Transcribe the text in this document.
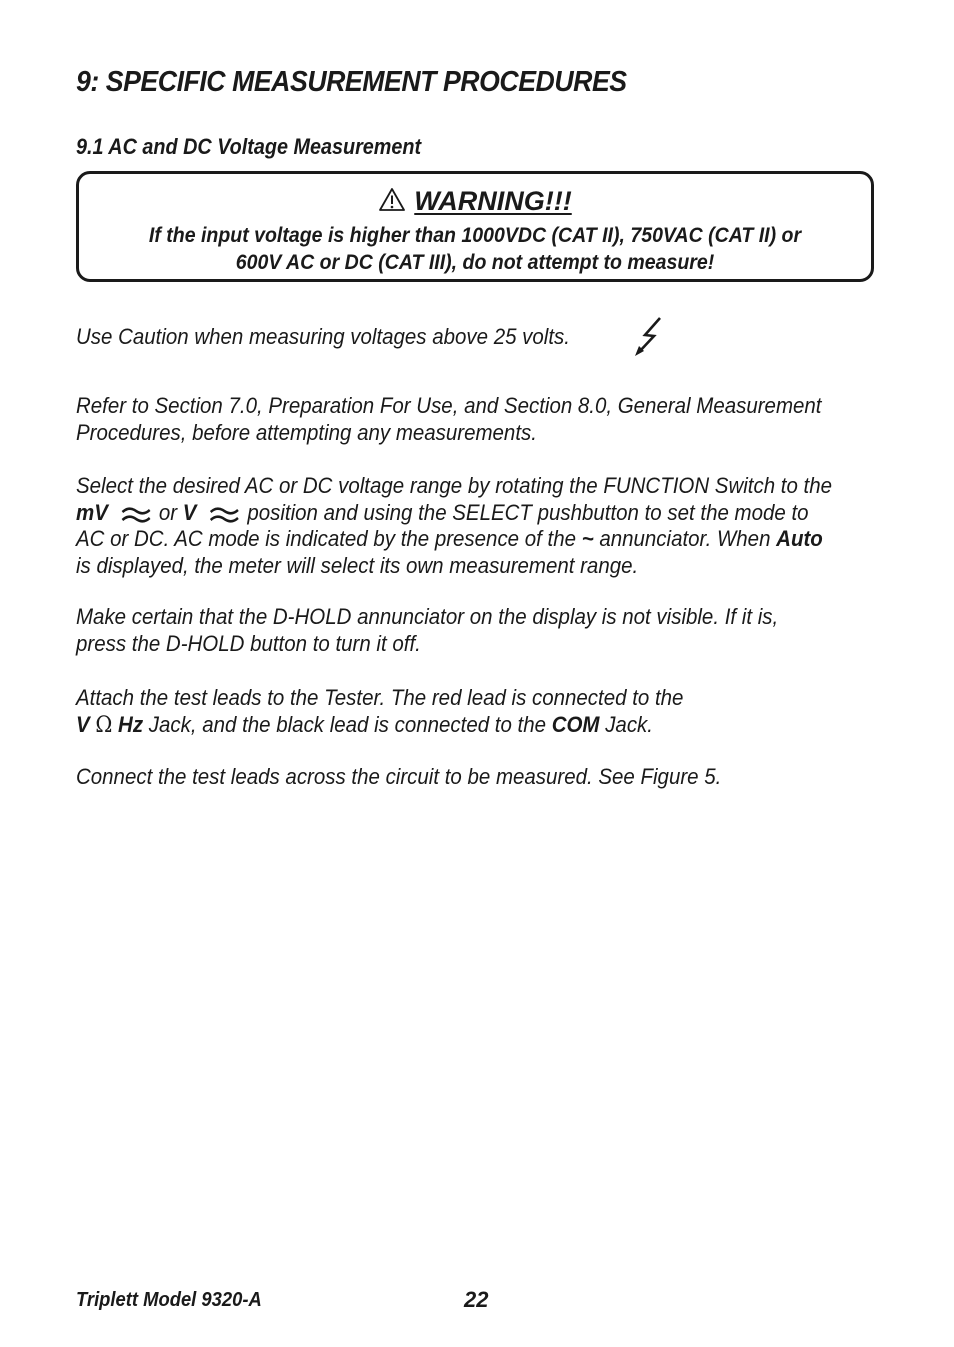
9: SPECIFIC MEASUREMENT PROCEDURES
9.1 AC and DC Voltage Measurement
WARNING!!!
If the input voltage is higher than 1000VDC (CAT II), 750VAC (CAT II) or
600V AC or DC (CAT III), do not attempt to measure!
Use Caution when measuring voltages above 25 volts.
Refer to Section 7.0, Preparation For Use, and Section 8.0, General Measurement
Procedures, before attempting any measurements.
Select the desired AC or DC voltage range by rotating the FUNCTION Switch to the
mV or V position and using the SELECT pushbutton to set the mode to
AC or DC. AC mode is indicated by the presence of the ~ annunciator. When Auto
is displayed, the meter will select its own measurement range.
Make certain that the D-HOLD annunciator on the display is not visible. If it is,
press the D-HOLD button to turn it off.
Attach the test leads to the Tester. The red lead is connected to the
V Ω Hz Jack, and the black lead is connected to the COM Jack.
Connect the test leads across the circuit to be measured. See Figure 5.
Triplett Model 9320-A	22
